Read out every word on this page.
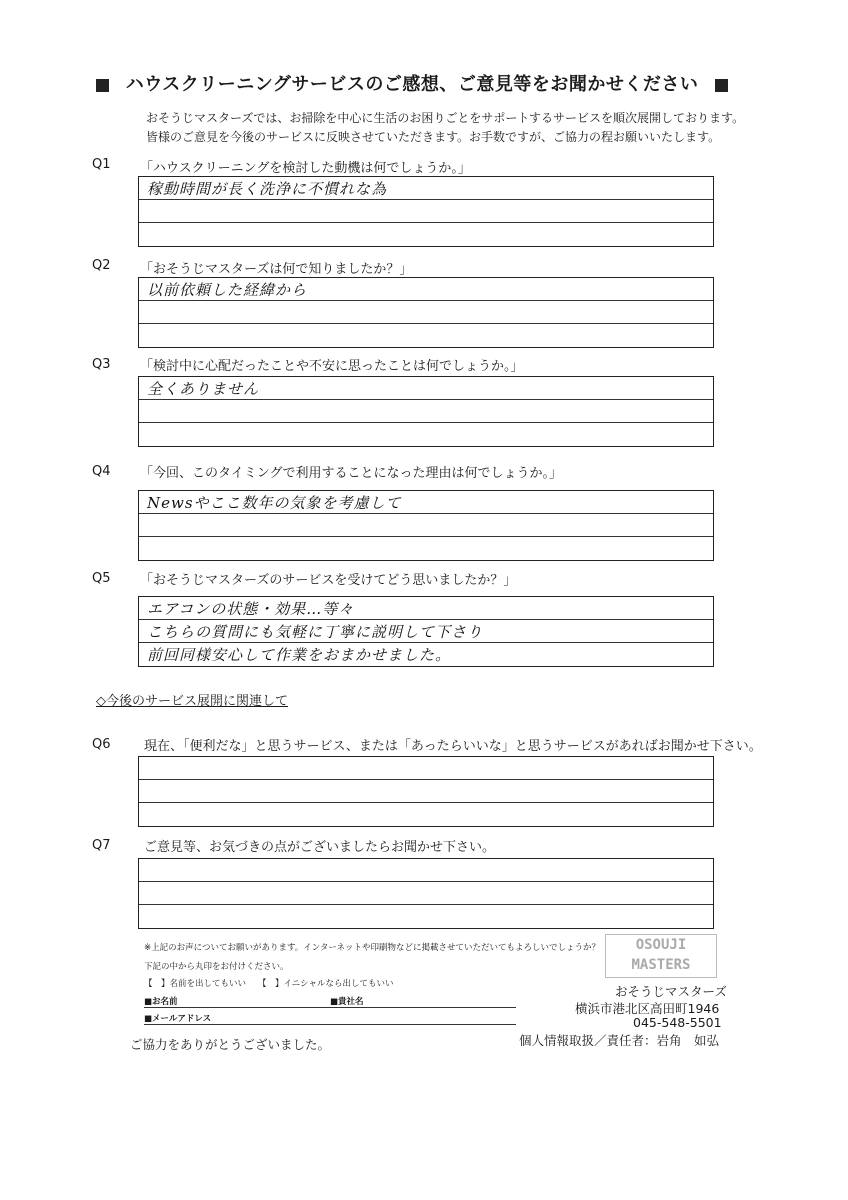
ハウスクリーニングサービスのご感想、ご意見等をお聞かせください
おそうじマスターズでは、お掃除を中心に生活のお困りごとをサポートするサービスを順次展開しております。
皆様のご意見を今後のサービスに反映させていただきます。お手数ですが、ご協力の程お願いいたします。
Q1 「ハウスクリーニングを検討した動機は何でしょうか。」
稼動時間が長く洗浄に不慣れな為
Q2 「おそうじマスターズは何で知りましたか？」
以前依頼した経緯から
Q3 「検討中に心配だったことや不安に思ったことは何でしょうか。」
全くありません
Q4 「今回、このタイミングで利用することになった理由は何でしょうか。」
Newsやここ数年の気象を考慮して
Q5 「おそうじマスターズのサービスを受けてどう思いましたか？」
エアコンの状態・効果…等々
こちらの質問にも気軽に丁寧に説明して下さり
前回同様安心して作業をおまかせました。
◇今後のサービス展開に関連して
Q6	現在、「便利だな」と思うサービス、または「あったらいいな」と思うサービスがあればお聞かせ下さい。
Q7	ご意見等、お気づきの点がございましたらお聞かせ下さい。
※上記のお声についてお願いがあります。インターネットや印刷物などに掲載させていただいてもよろしいでしょうか？
下記の中から丸印をお付けください。
【　】名前を出してもいい 【　】イニシャルなら出してもいい
■お名前	■貴社名
■メールアドレス
OSOUJI
MASTERS
おそうじマスターズ
横浜市港北区高田町1946
045-548-5501
個人情報取扱／責任者：岩角　如弘
ご協力をありがとうございました。
